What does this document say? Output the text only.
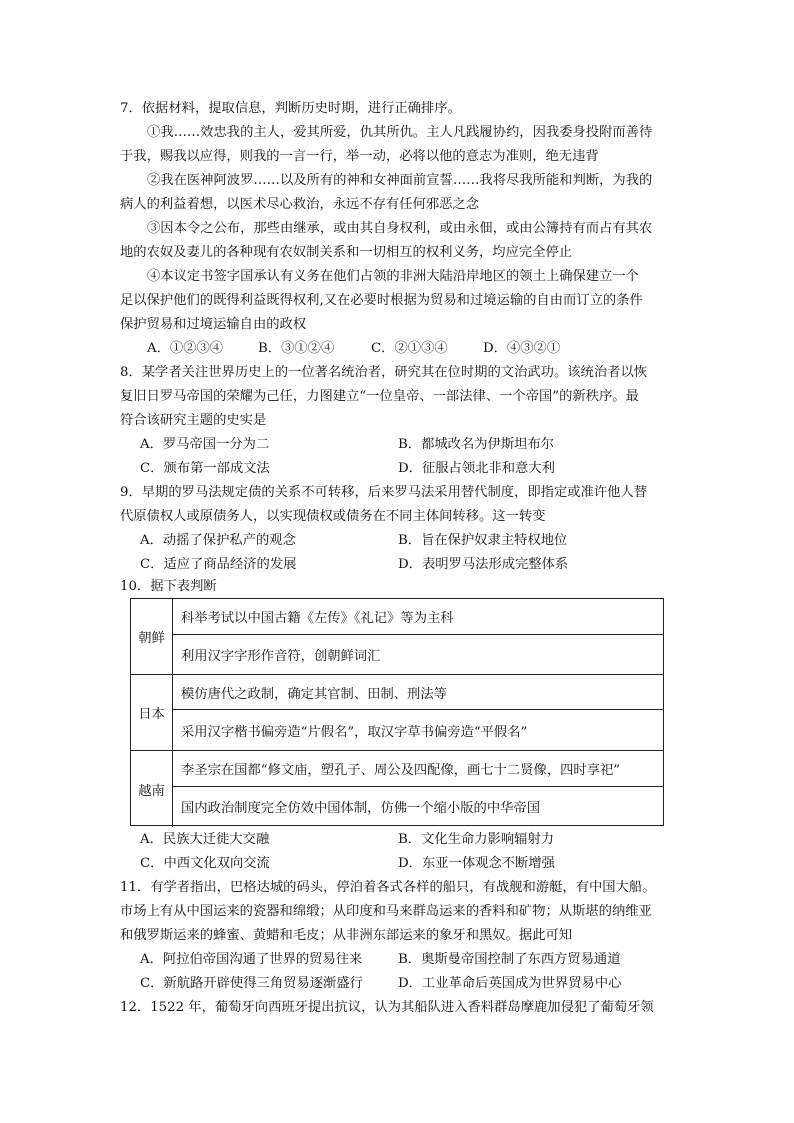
7．依据材料，提取信息，判断历史时期，进行正确排序。
①我……效忠我的主人，爱其所爱，仇其所仇。主人凡践履协约，因我委身投附而善待
于我，赐我以应得，则我的一言一行，举一动，必将以他的意志为准则，绝无违背
②我在医神阿波罗……以及所有的神和女神面前宣誓……我将尽我所能和判断，为我的
病人的利益着想，以医术尽心救治，永远不存有任何邪恶之念
③因本令之公布，那些由继承，或由其自身权利，或由永佃，或由公簿持有而占有其农
地的农奴及妻儿的各种现有农奴制关系和一切相互的权利义务，均应完全停止
④本议定书签字国承认有义务在他们占领的非洲大陆沿岸地区的领土上确保建立一个
足以保护他们的既得利益既得权利,又在必要时根据为贸易和过境运输的自由而订立的条件
保护贸易和过境运输自由的政权
A．①②③④	B．③①②④	C．②①③④	D．④③②①
8．某学者关注世界历史上的一位著名统治者，研究其在位时期的文治武功。该统治者以恢
复旧日罗马帝国的荣耀为己任，力图建立“一位皇帝、一部法律、一个帝国”的新秩序。最
符合该研究主题的史实是
A．罗马帝国一分为二	B．都城改名为伊斯坦布尔
C．颁布第一部成文法	D．征服占领北非和意大利
9．早期的罗马法规定债的关系不可转移，后来罗马法采用替代制度，即指定或准许他人替
代原债权人或原债务人，以实现债权或债务在不同主体间转移。这一转变
A．动摇了保护私产的观念	B．旨在保护奴隶主特权地位
C．适应了商品经济的发展	D．表明罗马法形成完整体系
10．据下表判断
朝鲜
科举考试以中国古籍《左传》《礼记》等为主科
利用汉字字形作音符，创朝鲜词汇
日本
模仿唐代之政制，确定其官制、田制、刑法等
采用汉字楷书偏旁造“片假名”，取汉字草书偏旁造“平假名”
越南
李圣宗在国都“修文庙，塑孔子、周公及四配像，画七十二贤像，四时享祀”
国内政治制度完全仿效中国体制，仿佛一个缩小版的中华帝国
A．民族大迁徙大交融	B．文化生命力影响辐射力
C．中西文化双向交流	D．东亚一体观念不断增强
11．有学者指出，巴格达城的码头，停泊着各式各样的船只，有战舰和游艇，有中国大船。
市场上有从中国运来的瓷器和绵缎；从印度和马来群岛运来的香料和矿物；从斯堪的纳维亚
和俄罗斯运来的蜂蜜、黄蜡和毛皮；从非洲东部运来的象牙和黑奴。据此可知
A．阿拉伯帝国沟通了世界的贸易往来	B．奥斯曼帝国控制了东西方贸易通道
C．新航路开辟使得三角贸易逐渐盛行	D．工业革命后英国成为世界贸易中心
12．1522 年，葡萄牙向西班牙提出抗议，认为其船队进入香料群岛摩鹿加侵犯了葡萄牙领
